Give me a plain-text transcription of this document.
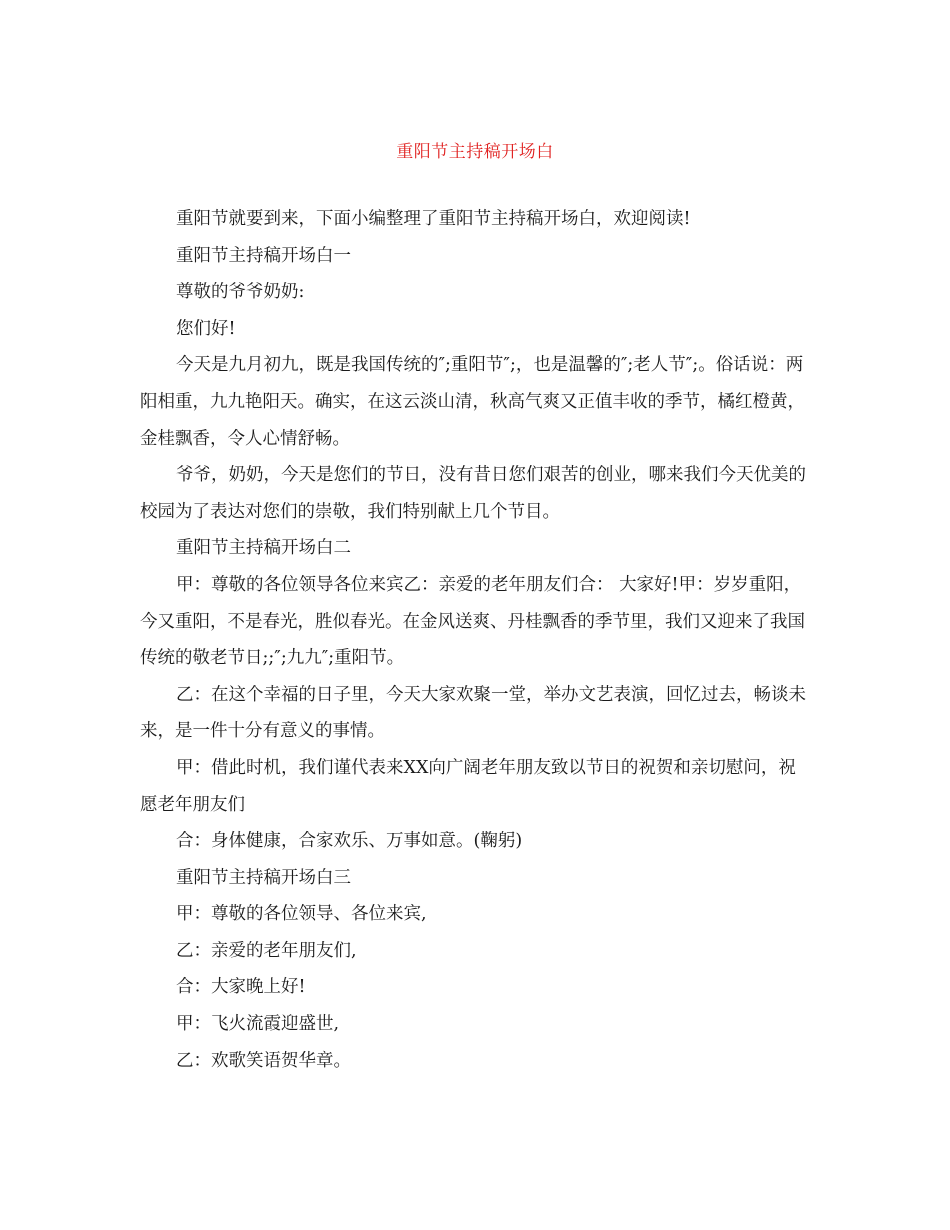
重阳节主持稿开场白

重阳节就要到来，下面小编整理了重阳节主持稿开场白，欢迎阅读!

重阳节主持稿开场白一

尊敬的爷爷奶奶:

您们好!

今天是九月初九，既是我国传统的″;重阳节″;，也是温馨的″;老人节″;。俗话说：两阳相重，九九艳阳天。确实，在这云淡山清，秋高气爽又正值丰收的季节，橘红橙黄，金桂飘香，令人心情舒畅。

爷爷，奶奶，今天是您们的节日，没有昔日您们艰苦的创业，哪来我们今天优美的校园为了表达对您们的崇敬，我们特别献上几个节目。

重阳节主持稿开场白二

甲：尊敬的各位领导各位来宾乙：亲爱的老年朋友们合： 大家好!甲：岁岁重阳，今又重阳，不是春光，胜似春光。在金风送爽、丹桂飘香的季节里，我们又迎来了我国传统的敬老节日;;″;九九″;重阳节。

乙：在这个幸福的日子里，今天大家欢聚一堂，举办文艺表演，回忆过去，畅谈未来，是一件十分有意义的事情。

甲：借此时机，我们谨代表来XX向广阔老年朋友致以节日的祝贺和亲切慰问，祝愿老年朋友们

合：身体健康，合家欢乐、万事如意。(鞠躬)

重阳节主持稿开场白三

甲：尊敬的各位领导、各位来宾,

乙：亲爱的老年朋友们,

合：大家晚上好!

甲：飞火流霞迎盛世,

乙：欢歌笑语贺华章。
